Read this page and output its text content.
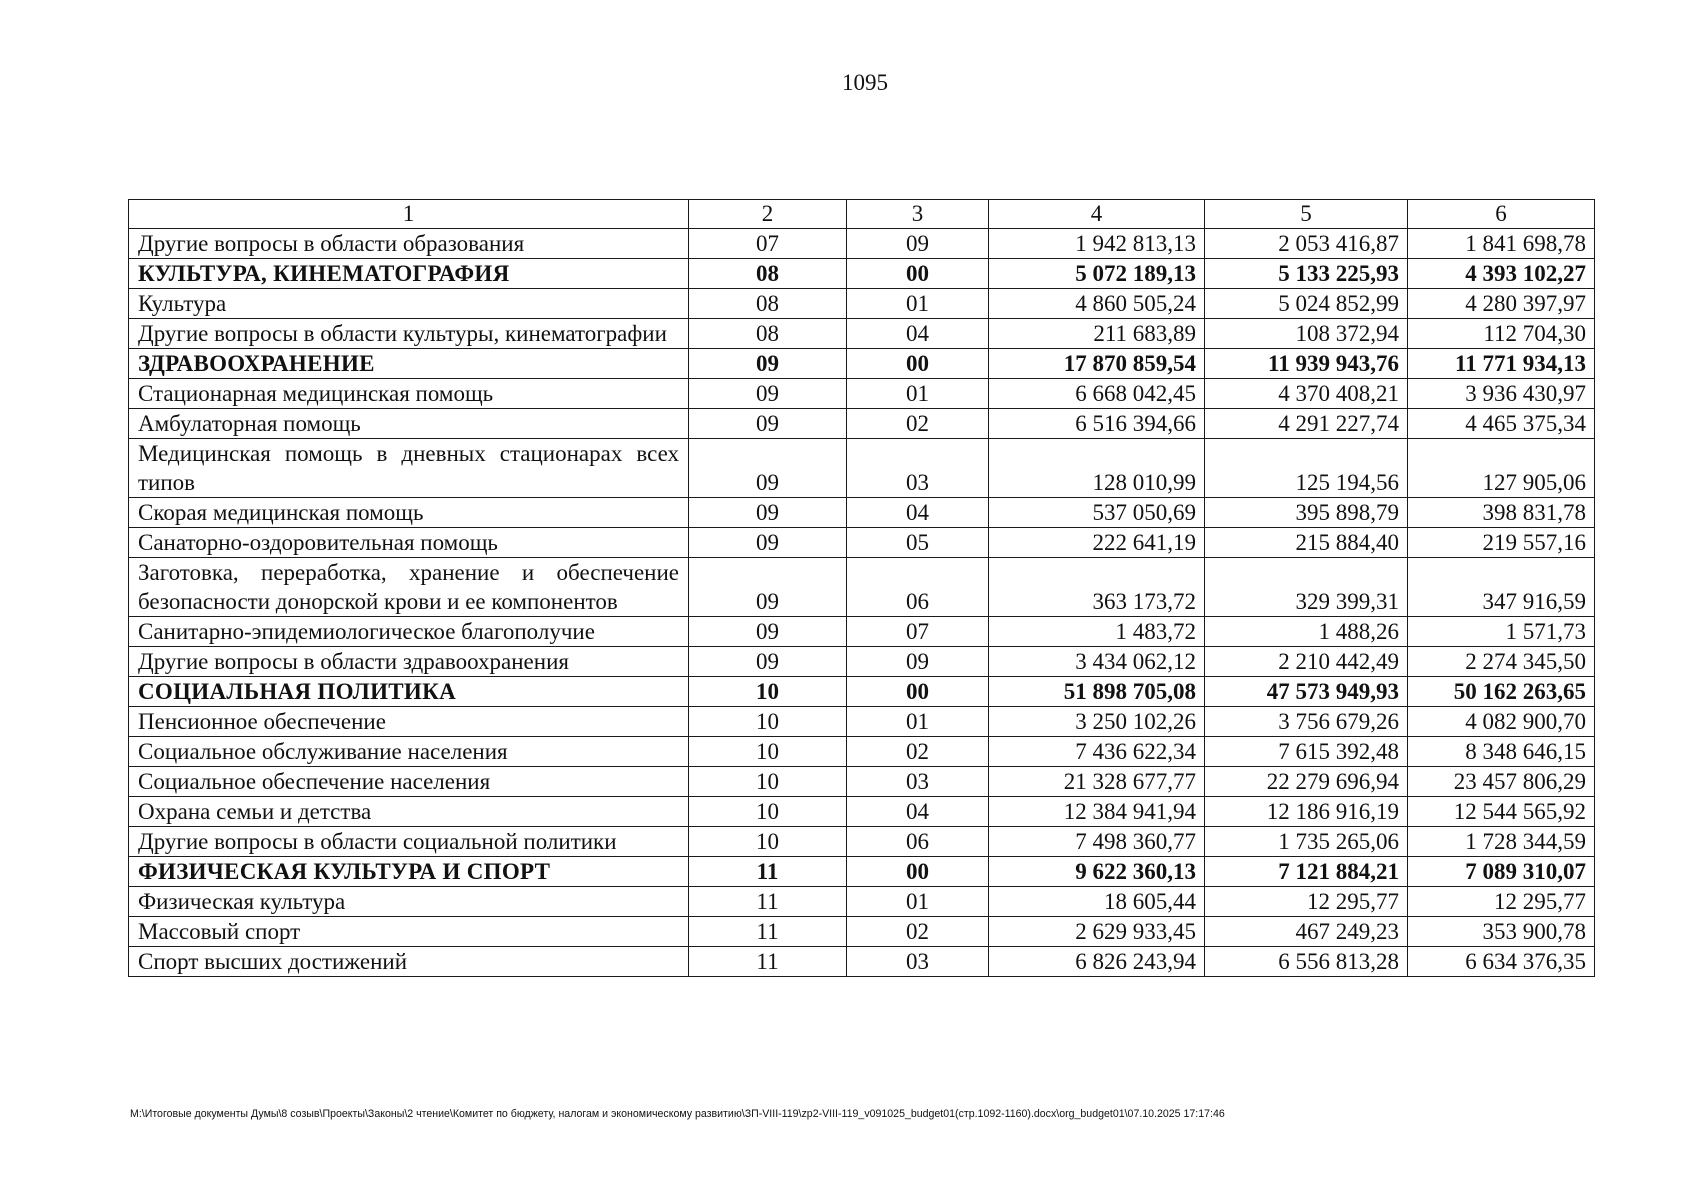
1095
1	2	3	4	5	6
Другие вопросы в области образования	07	09	1 942 813,13	2 053 416,87	1 841 698,78
КУЛЬТУРА, КИНЕМАТОГРАФИЯ	08	00	5 072 189,13	5 133 225,93	4 393 102,27
Культура	08	01	4 860 505,24	5 024 852,99	4 280 397,97
Другие вопросы в области культуры, кинематографии	08	04	211 683,89	108 372,94	112 704,30
ЗДРАВООХРАНЕНИЕ	09	00	17 870 859,54	11 939 943,76	11 771 934,13
Стационарная медицинская помощь	09	01	6 668 042,45	4 370 408,21	3 936 430,97
Амбулаторная помощь	09	02	6 516 394,66	4 291 227,74	4 465 375,34
Медицинская помощь в дневных стационарах всех типов	09	03	128 010,99	125 194,56	127 905,06
Скорая медицинская помощь	09	04	537 050,69	395 898,79	398 831,78
Санаторно-оздоровительная помощь	09	05	222 641,19	215 884,40	219 557,16
Заготовка, переработка, хранение и обеспечение безопасности донорской крови и ее компонентов	09	06	363 173,72	329 399,31	347 916,59
Санитарно-эпидемиологическое благополучие	09	07	1 483,72	1 488,26	1 571,73
Другие вопросы в области здравоохранения	09	09	3 434 062,12	2 210 442,49	2 274 345,50
СОЦИАЛЬНАЯ ПОЛИТИКА	10	00	51 898 705,08	47 573 949,93	50 162 263,65
Пенсионное обеспечение	10	01	3 250 102,26	3 756 679,26	4 082 900,70
Социальное обслуживание населения	10	02	7 436 622,34	7 615 392,48	8 348 646,15
Социальное обеспечение населения	10	03	21 328 677,77	22 279 696,94	23 457 806,29
Охрана семьи и детства	10	04	12 384 941,94	12 186 916,19	12 544 565,92
Другие вопросы в области социальной политики	10	06	7 498 360,77	1 735 265,06	1 728 344,59
ФИЗИЧЕСКАЯ КУЛЬТУРА И СПОРТ	11	00	9 622 360,13	7 121 884,21	7 089 310,07
Физическая культура	11	01	18 605,44	12 295,77	12 295,77
Массовый спорт	11	02	2 629 933,45	467 249,23	353 900,78
Спорт высших достижений	11	03	6 826 243,94	6 556 813,28	6 634 376,35
M:\Итоговые документы Думы\8 созыв\Проекты\Законы\2 чтение\Комитет по бюджету, налогам и экономическому развитию\ЗП-VIII-119\zp2-VIII-119_v091025_budget01(стр.1092-1160).docx\org_budget01\07.10.2025 17:17:46
